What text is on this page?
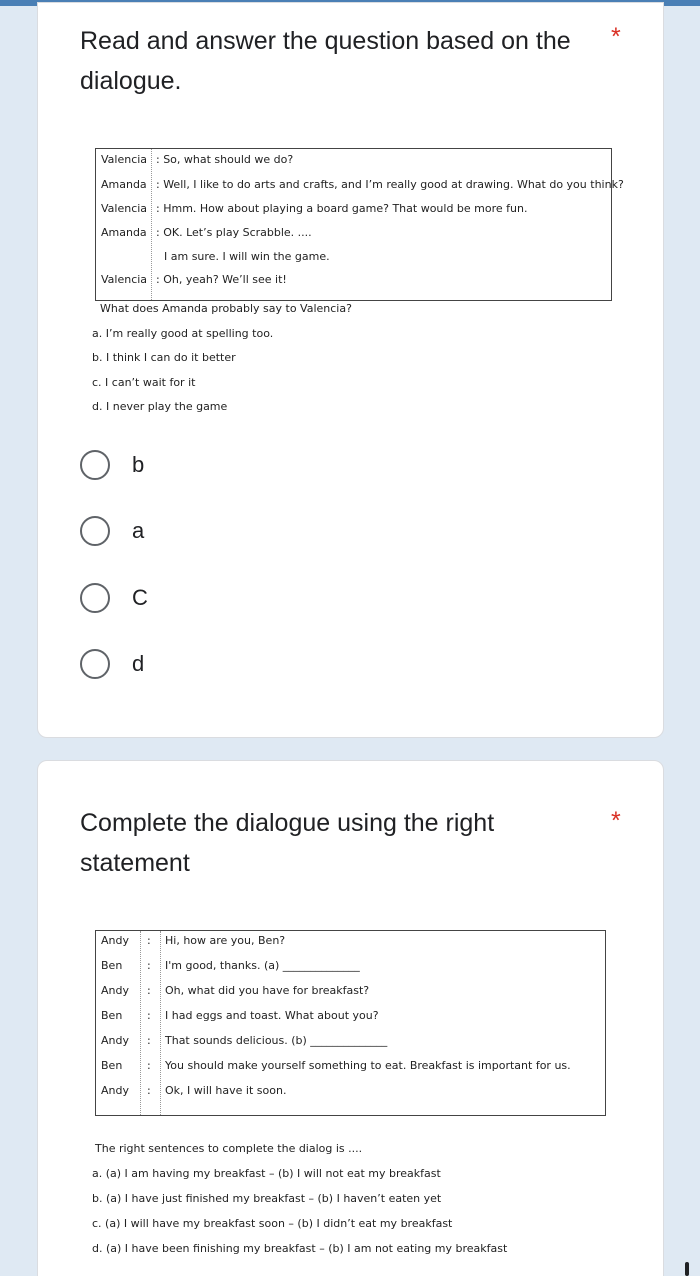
Read and answer the question based on the *
dialogue.
Valencia : So, what should we do?
Amanda : Well, I like to do arts and crafts, and I’m really good at drawing. What do you think?
Valencia : Hmm. How about playing a board game? That would be more fun.
Amanda : OK. Let’s play Scrabble. ....
I am sure. I will win the game.
Valencia : Oh, yeah? We’ll see it!
What does Amanda probably say to Valencia?
a. I’m really good at spelling too.
b. I think I can do it better
c. I can’t wait for it
d. I never play the game
b
a
C
d
Complete the dialogue using the right	*
statement
Andy : Hi, how are you, Ben?
Ben : I'm good, thanks. (a) ______________
Andy : Oh, what did you have for breakfast?
Ben : I had eggs and toast. What about you?
Andy : That sounds delicious. (b) ______________
Ben : You should make yourself something to eat. Breakfast is important for us.
Andy : Ok, I will have it soon.
The right sentences to complete the dialog is ....
a. (a) I am having my breakfast – (b) I will not eat my breakfast
b. (a) I have just finished my breakfast – (b) I haven’t eaten yet
c. (a) I will have my breakfast soon – (b) I didn’t eat my breakfast
d. (a) I have been finishing my breakfast – (b) I am not eating my breakfast
